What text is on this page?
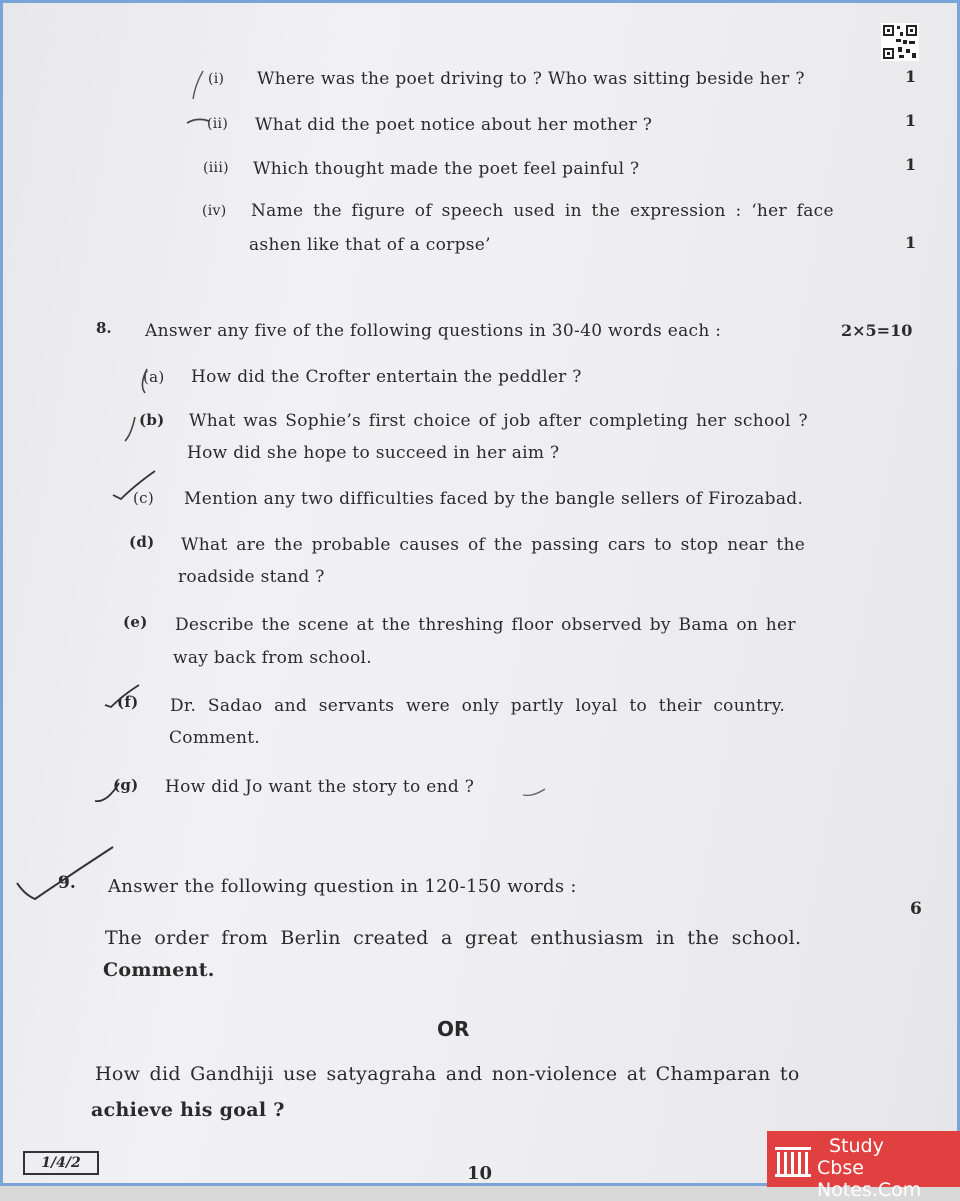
(i) Where was the poet driving to ? Who was sitting beside her ?	1
(ii) What did the poet notice about her mother ?	1
(iii) Which thought made the poet feel painful ?	1
(iv) Name the figure of speech used in the expression : ‘her face
ashen like that of a corpse’	1
8. Answer any five of the following questions in 30-40 words each :	2×5=10
(a) How did the Crofter entertain the peddler ?
(b) What was Sophie’s first choice of job after completing her school ?
How did she hope to succeed in her aim ?
(c) Mention any two difficulties faced by the bangle sellers of Firozabad.
(d) What are the probable causes of the passing cars to stop near the
roadside stand ?
(e) Describe the scene at the threshing floor observed by Bama on her
way back from school.
(f) Dr. Sadao and servants were only partly loyal to their country.
Comment.
(g) How did Jo want the story to end ?
9. Answer the following question in 120-150 words :
6
The order from Berlin created a great enthusiasm in the school.
Comment.
OR
How did Gandhiji use satyagraha and non-violence at Champaran to
achieve his goal ?
1/4/2	10
Study
Cbse Notes.Com
